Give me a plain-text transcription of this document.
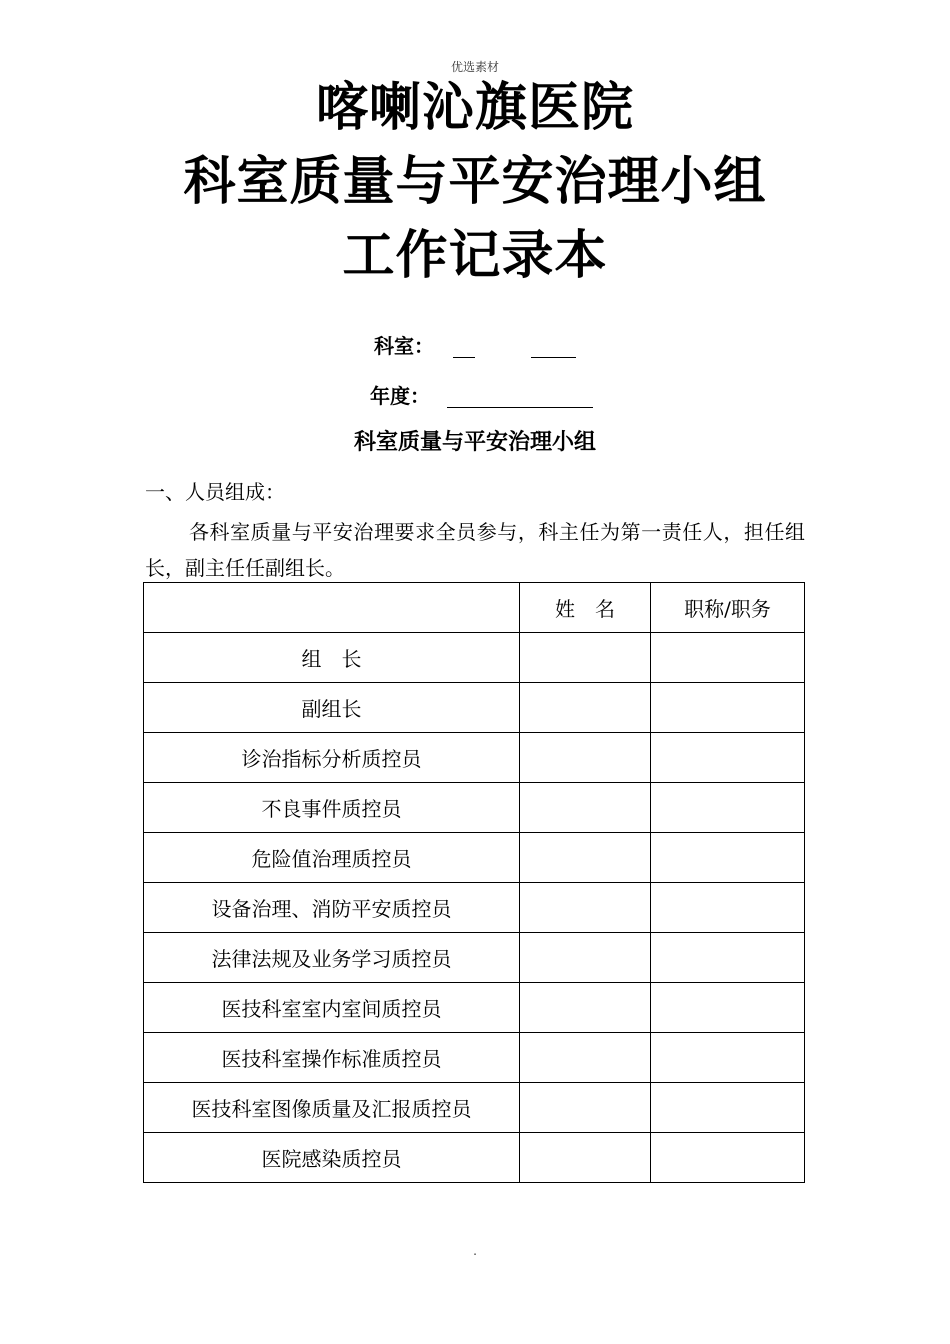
优选素材
喀喇沁旗医院
科室质量与平安治理小组
工作记录本
科室：
年度：
科室质量与平安治理小组
一、人员组成：
各科室质量与平安治理要求全员参与，科主任为第一责任人，担任组长，副主任任副组长。
	姓　名	职称/职务
组　长		
副组长		
诊治指标分析质控员		
不良事件质控员		
危险值治理质控员		
设备治理、消防平安质控员		
法律法规及业务学习质控员		
医技科室室内室间质控员		
医技科室操作标准质控员		
医技科室图像质量及汇报质控员		
医院感染质控员		
.
